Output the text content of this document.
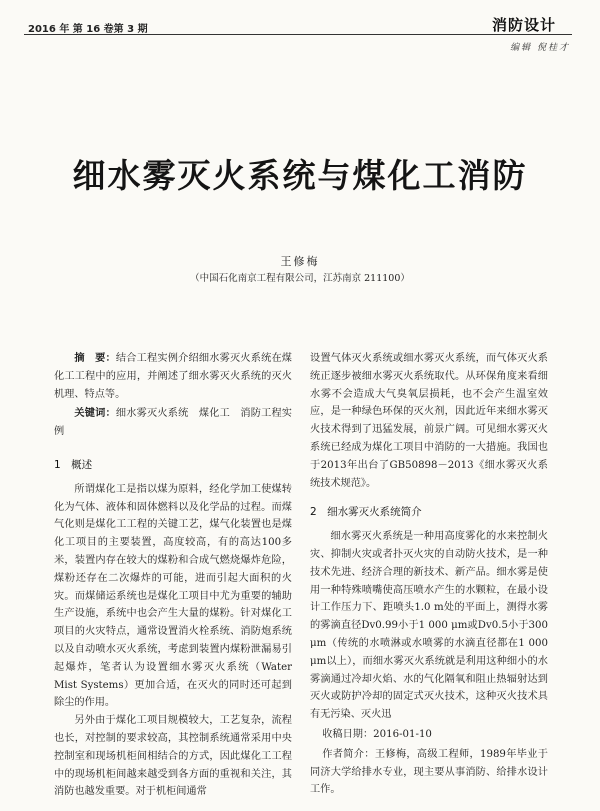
2016 年 第 16 卷第 3 期	消防设计
编辑 倪桂才
细水雾灭火系统与煤化工消防
王修梅
（中国石化南京工程有限公司，江苏南京 211100）

摘　要：结合工程实例介绍细水雾灭火系统在煤化工工程中的应用，并阐述了细水雾灭火系统的灭火机理、特点等。

关键词：细水雾灭火系统　煤化工　消防工程实例

1　概述

所谓煤化工是指以煤为原料，经化学加工使煤转化为气体、液体和固体燃料以及化学品的过程。而煤气化则是煤化工工程的关键工艺，煤气化装置也是煤化工项目的主要装置，高度较高，有的高达100多米，装置内存在较大的煤粉和合成气燃烧爆炸危险，煤粉还存在二次爆炸的可能，进而引起大面积的火灾。而煤储运系统也是煤化工项目中尤为重要的辅助生产设施，系统中也会产生大量的煤粉。针对煤化工项目的火灾特点，通常设置消火栓系统、消防炮系统以及自动喷水灭火系统，考虑到装置内煤粉泄漏易引起爆炸，笔者认为设置细水雾灭火系统（Water Mist Systems）更加合适，在灭火的同时还可起到除尘的作用。

另外由于煤化工项目规模较大，工艺复杂，流程也长，对控制的要求较高，其控制系统通常采用中央控制室和现场机柜间相结合的方式，因此煤化工工程中的现场机柜间越来越受到各方面的重视和关注，其消防也越发重要。对于机柜间通常

设置气体灭火系统或细水雾灭火系统，而气体灭火系统正逐步被细水雾灭火系统取代。从环保角度来看细水雾不会造成大气臭氧层损耗，也不会产生温室效应，是一种绿色环保的灭火剂，因此近年来细水雾灭火技术得到了迅猛发展，前景广阔。可见细水雾灭火系统已经成为煤化工项目中消防的一大措施。我国也于2013年出台了GB50898－2013《细水雾灭火系统技术规范》。

2　细水雾灭火系统简介

细水雾灭火系统是一种用高度雾化的水来控制火灾、抑制火灾或者扑灭火灾的自动防火技术，是一种技术先进、经济合理的新技术、新产品。细水雾是使用一种特殊喷嘴使高压喷水产生的水颗粒，在最小设计工作压力下、距喷头1.0 m处的平面上，测得水雾的雾滴直径Dv0.99小于1 000 μm或Dv0.5小于300 μm（传统的水喷淋或水喷雾的水滴直径都在1 000 μm以上），而细水雾灭火系统就是利用这种细小的水雾滴通过冷却火焰、水的气化隔氧和阻止热辐射达到灭火或防护冷却的固定式灭火技术，这种灭火技术具有无污染、灭火迅

收稿日期：2016-01-10

作者简介：王修梅，高级工程师，1989年毕业于同济大学给排水专业，现主要从事消防、给排水设计工作。
